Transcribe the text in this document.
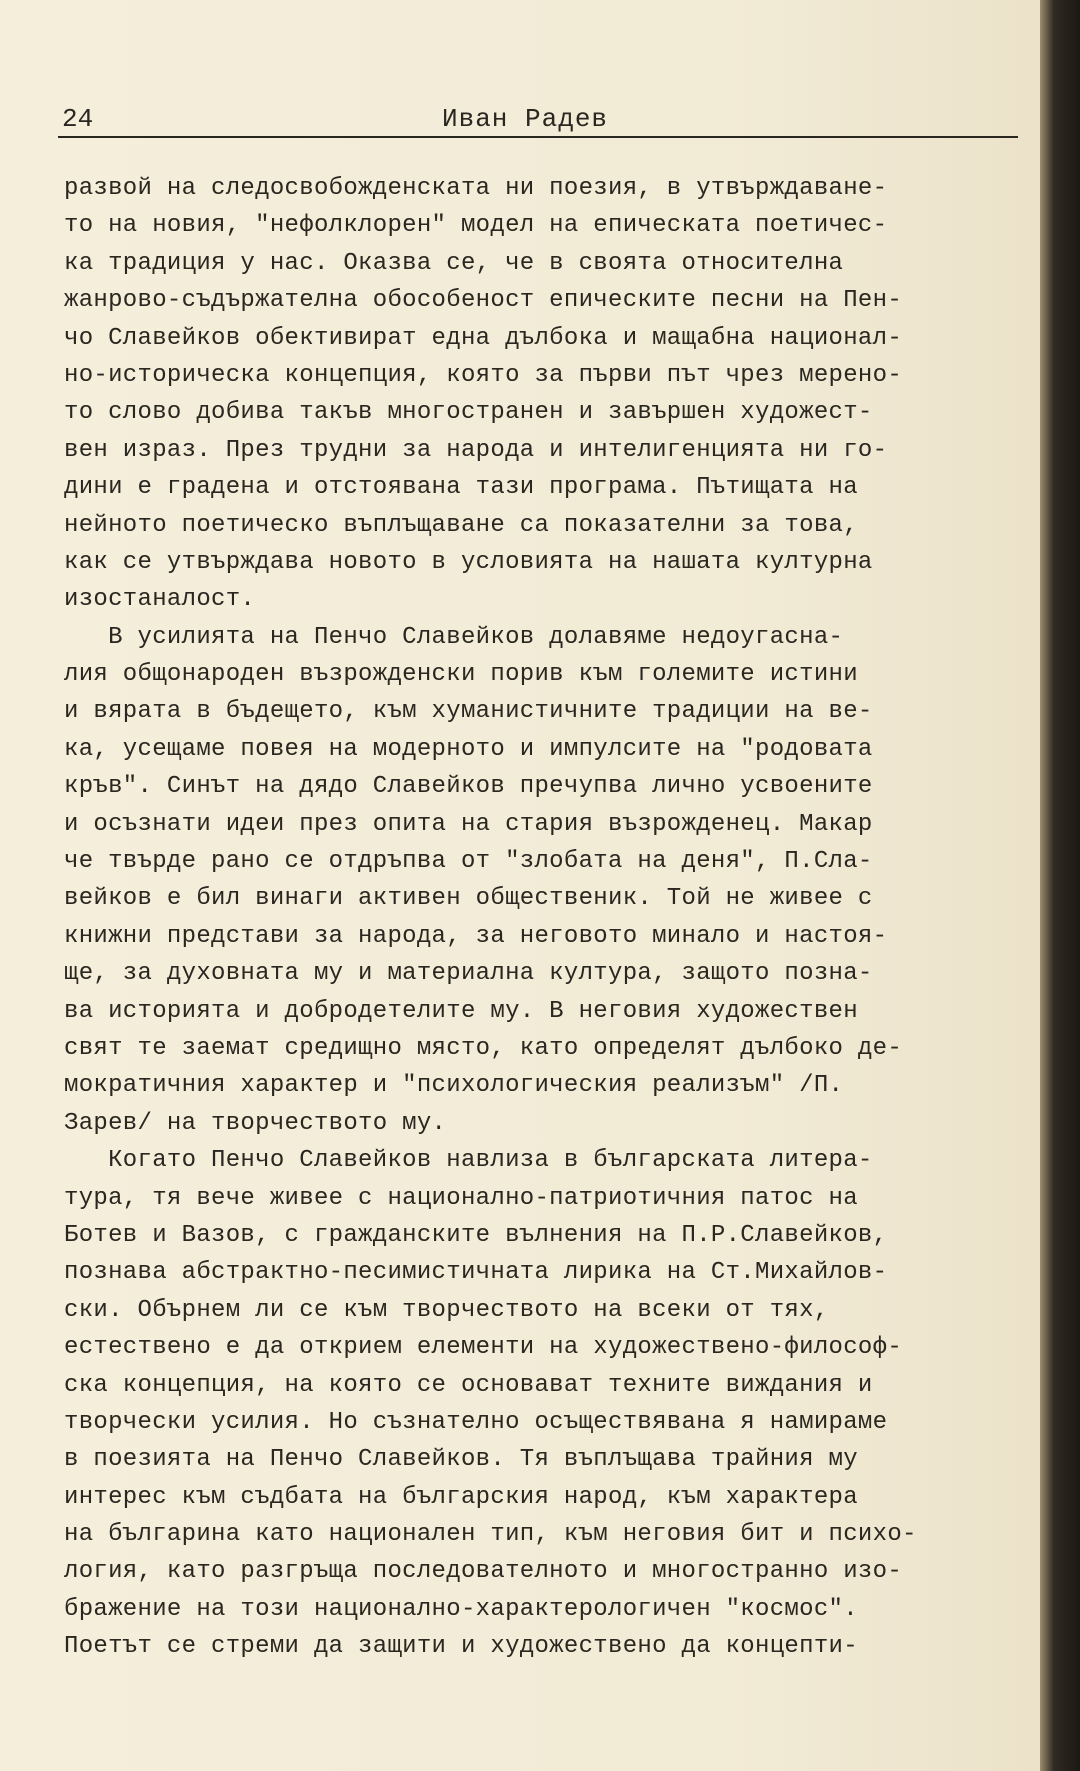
24	Иван Радев
развой на следосвобожденската ни поезия, в утвърждаване-
то на новия, "нефолклорен" модел на епическата поетичес-
ка традиция у нас. Оказва се, че в своята относителна
жанрово-съдържателна обособеност епическите песни на Пен-
чо Славейков обективират една дълбока и мащабна национал-
но-историческа концепция, която за първи път чрез мерено-
то слово добива такъв многостранен и завършен художест-
вен израз. През трудни за народа и интелигенцията ни го-
дини е градена и отстоявана тази програма. Пътищата на
нейното поетическо въплъщаване са показателни за това,
как се утвърждава новото в условията на нашата културна
изостаналост.
В усилията на Пенчо Славейков долавяме недоугасна-
лия общонароден възрожденски порив към големите истини
и вярата в бъдещето, към хуманистичните традиции на ве-
ка, усещаме повея на модерното и импулсите на "родовата
кръв". Синът на дядо Славейков пречупва лично усвоените
и осъзнати идеи през опита на стария възрожденец. Макар
че твърде рано се отдръпва от "злобата на деня", П.Сла-
вейков е бил винаги активен общественик. Той не живее с
книжни представи за народа, за неговото минало и настоя-
ще, за духовната му и материална култура, защото позна-
ва историята и добродетелите му. В неговия художествен
свят те заемат средищно място, като определят дълбоко де-
мократичния характер и "психологическия реализъм" /П.
Зарев/ на творчеството му.
Когато Пенчо Славейков навлиза в българската литера-
тура, тя вече живее с национално-патриотичния патос на
Ботев и Вазов, с гражданските вълнения на П.Р.Славейков,
познава абстрактно-песимистичната лирика на Ст.Михайлов-
ски. Обърнем ли се към творчеството на всеки от тях,
естествено е да открием елементи на художествено-философ-
ска концепция, на която се основават техните виждания и
творчески усилия. Но съзнателно осъществявана я намираме
в поезията на Пенчо Славейков. Тя въплъщава трайния му
интерес към съдбата на българския народ, към характера
на българина като национален тип, към неговия бит и психо-
логия, като разгръща последователното и многостранно изо-
бражение на този национално-характерологичен "космос".
Поетът се стреми да защити и художествено да концепти-
